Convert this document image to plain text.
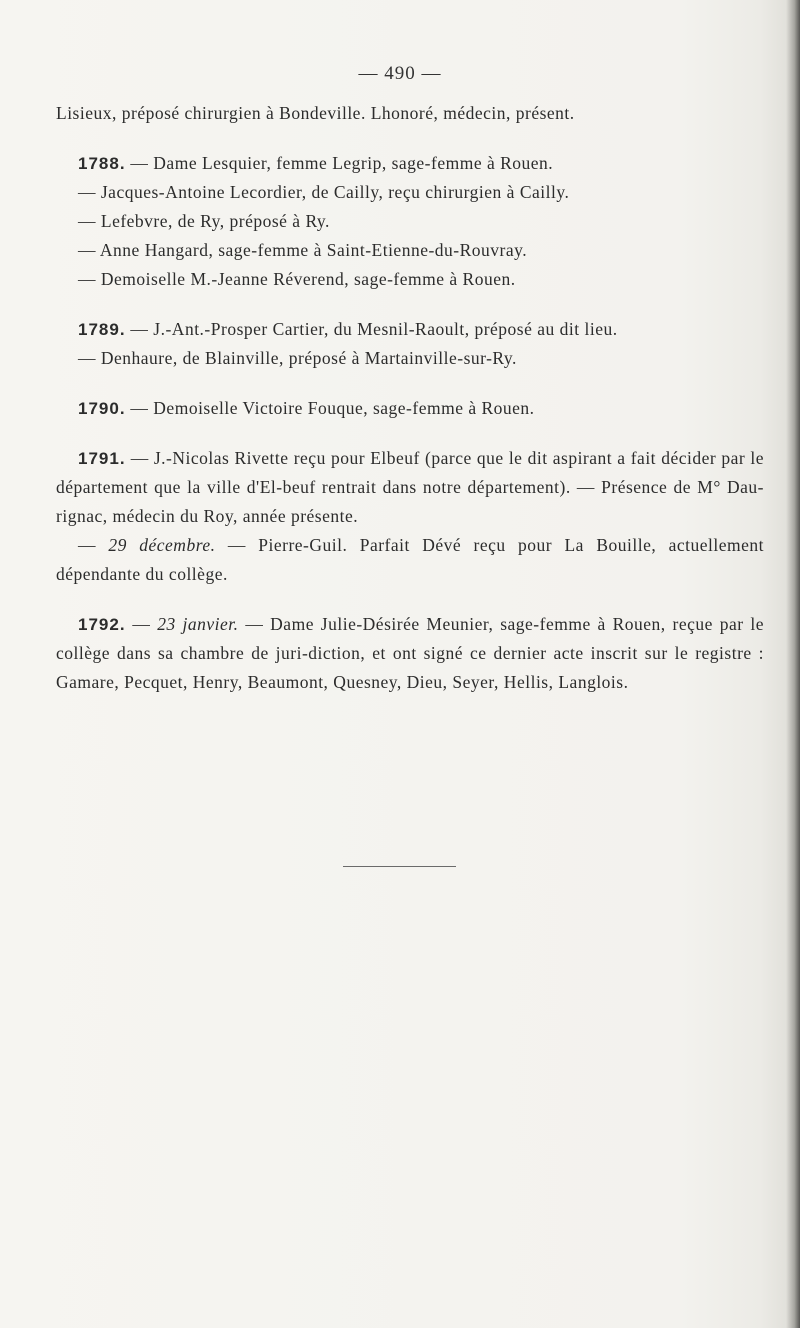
— 490 —

Lisieux, préposé chirurgien à Bondeville. Lhonoré, médecin, présent.

1788. — Dame Lesquier, femme Legrip, sage-femme à Rouen.

— Jacques-Antoine Lecordier, de Cailly, reçu chirurgien à Cailly.

— Lefebvre, de Ry, préposé à Ry.

— Anne Hangard, sage-femme à Saint-Etienne-du-Rouvray.

— Demoiselle M.-Jeanne Réverend, sage-femme à Rouen.

1789. — J.-Ant.-Prosper Cartier, du Mesnil-Raoult, préposé au dit lieu.

— Denhaure, de Blainville, préposé à Martainville-sur-Ry.

1790. — Demoiselle Victoire Fouque, sage-femme à Rouen.

1791. — J.-Nicolas Rivette reçu pour Elbeuf (parce que le dit aspirant a fait décider par le département que la ville d'El-beuf rentrait dans notre département). — Présence de M° Dau-rignac, médecin du Roy, année présente.

— 29 décembre. — Pierre-Guil. Parfait Dévé reçu pour La Bouille, actuellement dépendante du collège.

1792. — 23 janvier. — Dame Julie-Désirée Meunier, sage-femme à Rouen, reçue par le collège dans sa chambre de juri-diction, et ont signé ce dernier acte inscrit sur le registre : Gamare, Pecquet, Henry, Beaumont, Quesney, Dieu, Seyer, Hellis, Langlois.
